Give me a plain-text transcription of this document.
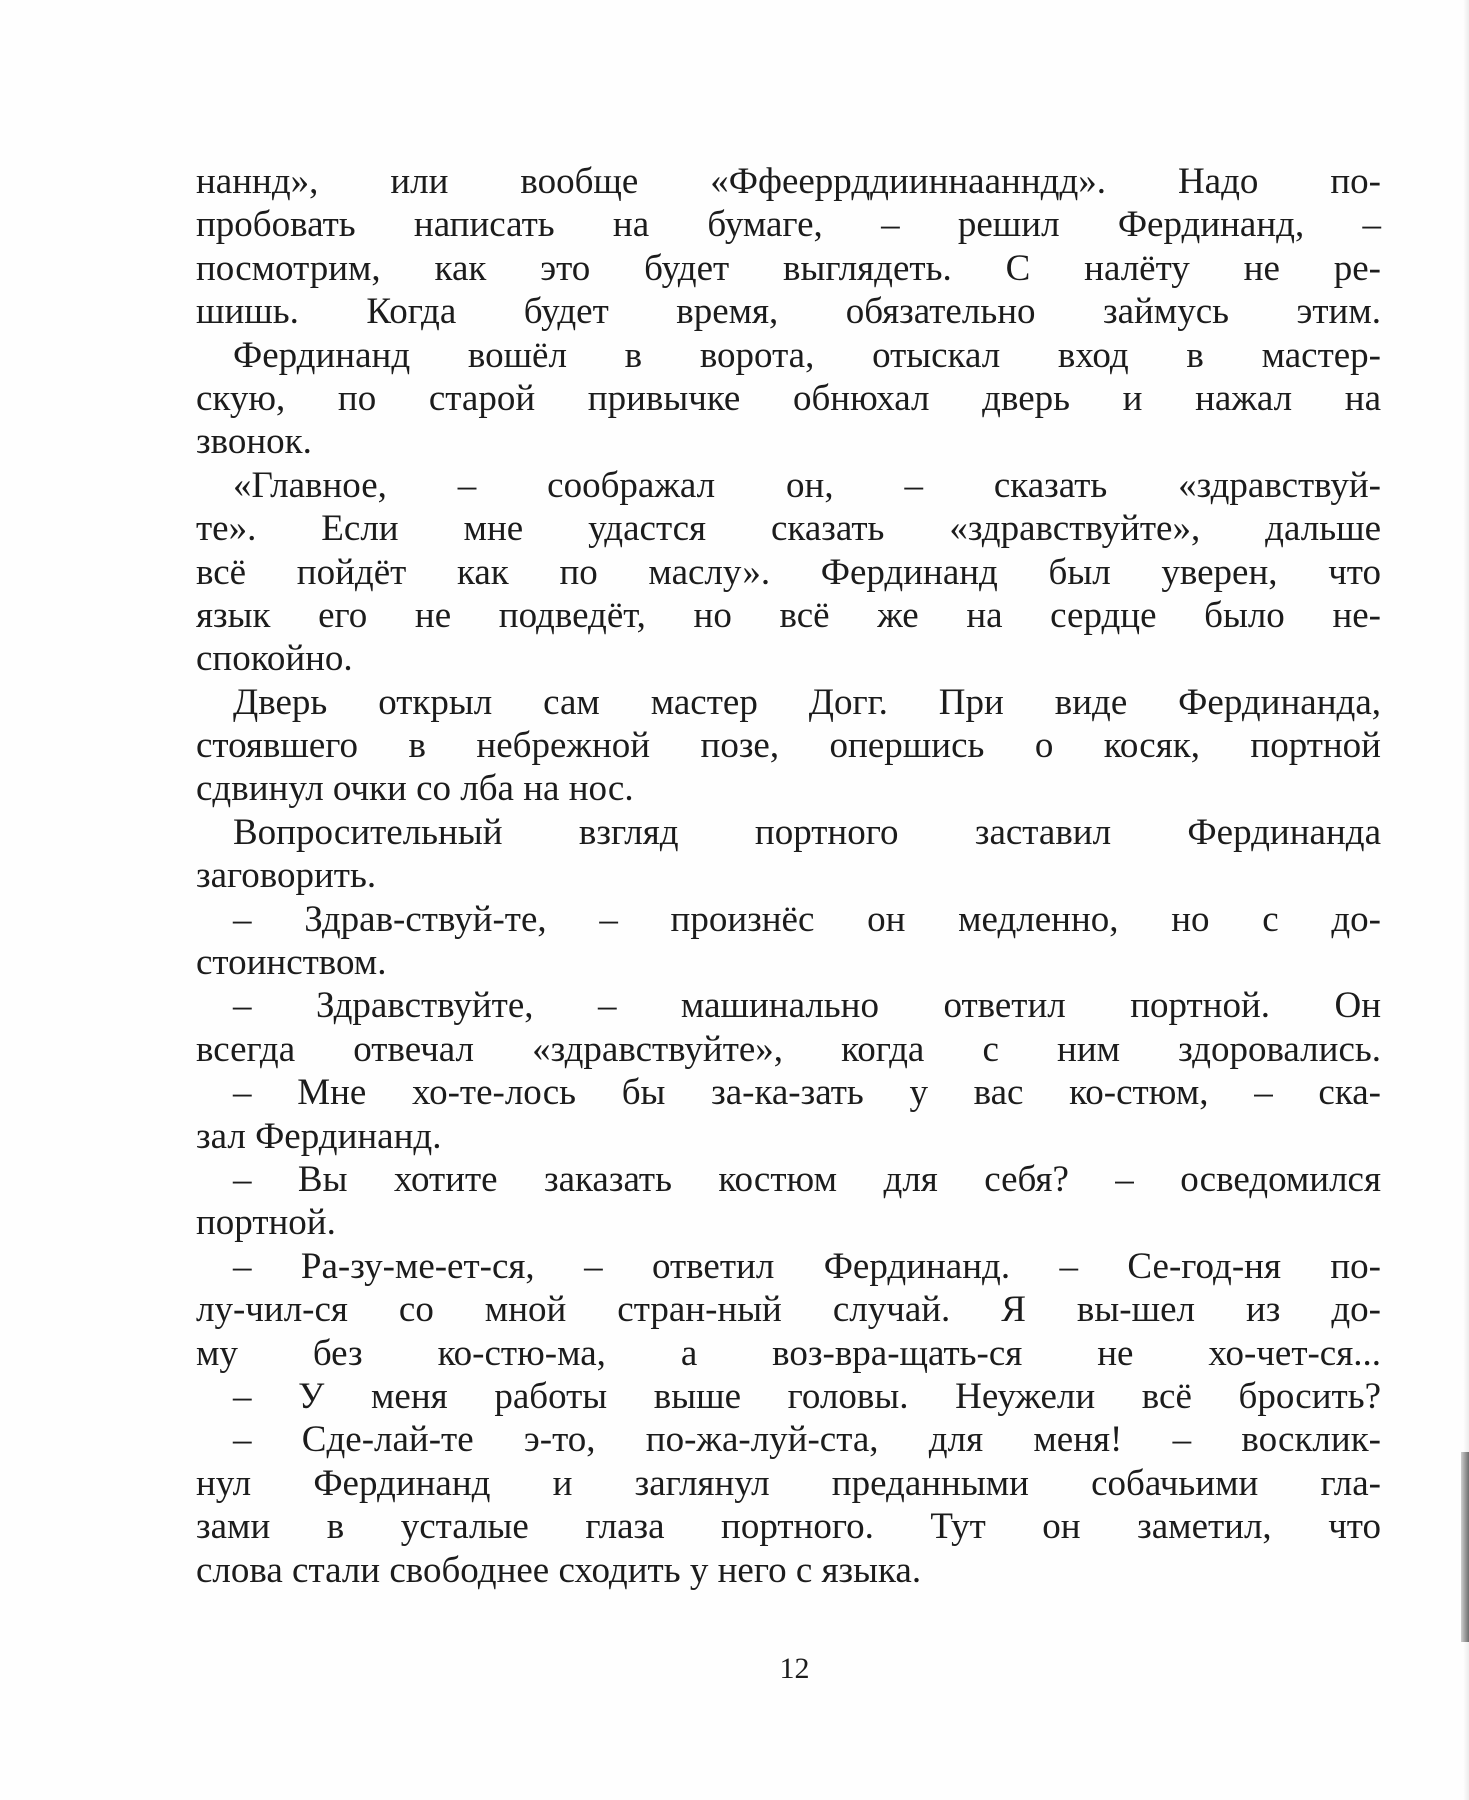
наннд», или вообще «Ффееррддииннаанндд». Надо по-
пробовать написать на бумаге, – решил Фердинанд, –
посмотрим, как это будет выглядеть. С налёту не ре-
шишь. Когда будет время, обязательно займусь этим.
Фердинанд вошёл в ворота, отыскал вход в мастер-
скую, по старой привычке обнюхал дверь и нажал на
звонок.
«Главное, – соображал он, – сказать «здравствуй-
те». Если мне удастся сказать «здравствуйте», дальше
всё пойдёт как по маслу». Фердинанд был уверен, что
язык его не подведёт, но всё же на сердце было не-
спокойно.
Дверь открыл сам мастер Догг. При виде Фердинанда,
стоявшего в небрежной позе, опершись о косяк, портной
сдвинул очки со лба на нос.
Вопросительный взгляд портного заставил Фердинанда
заговорить.
– Здрав-ствуй-те, – произнёс он медленно, но с до-
стоинством.
– Здравствуйте, – машинально ответил портной. Он
всегда отвечал «здравствуйте», когда с ним здоровались.
– Мне хо-те-лось бы за-ка-зать у вас ко-стюм, – ска-
зал Фердинанд.
– Вы хотите заказать костюм для себя? – осведомился
портной.
– Ра-зу-ме-ет-ся, – ответил Фердинанд. – Се-год-ня по-
лу-чил-ся со мной стран-ный случай. Я вы-шел из до-
му без ко-стю-ма, а воз-вра-щать-ся не хо-чет-ся...
– У меня работы выше головы. Неужели всё бросить?
– Сде-лай-те э-то, по-жа-луй-ста, для меня! – восклик-
нул Фердинанд и заглянул преданными собачьими гла-
зами в усталые глаза портного. Тут он заметил, что
слова стали свободнее сходить у него с языка.
12
